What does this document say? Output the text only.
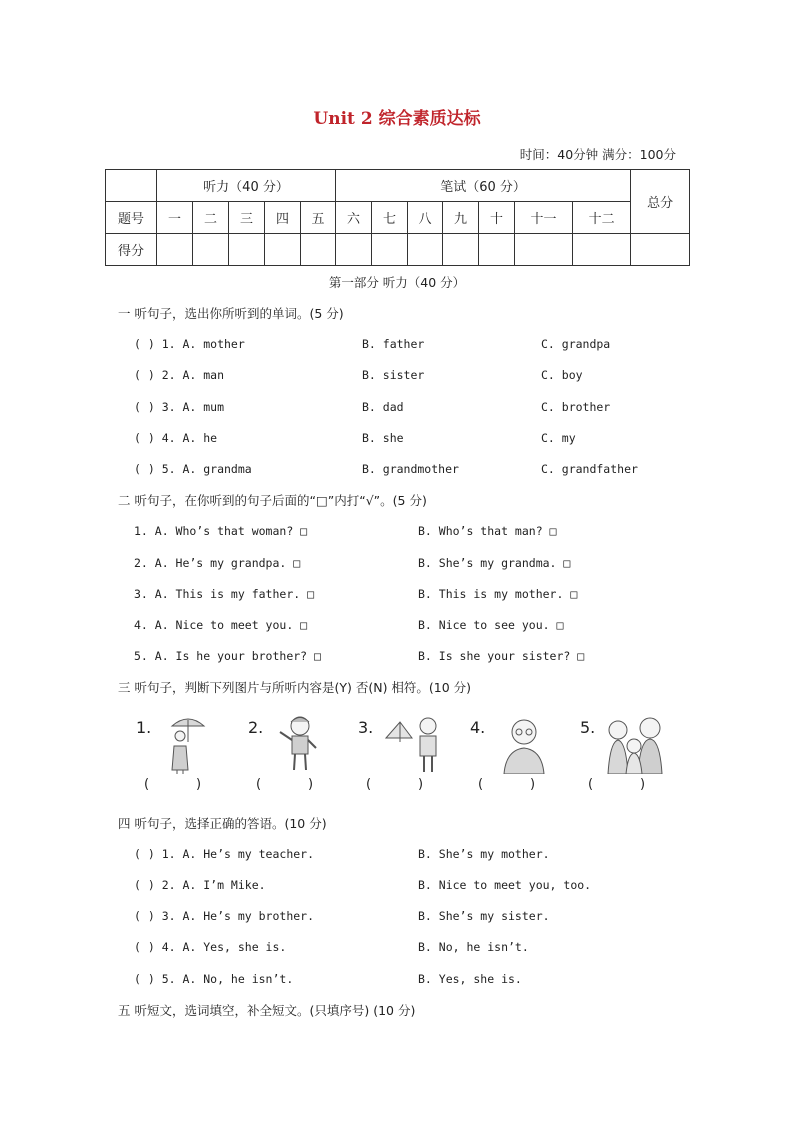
Unit 2 综合素质达标
时间：40分钟 满分：100分
	听力（40 分）					笔试（60 分）							总分
题号	一	二	三	四	五	六	七	八	九	十	十一	十二	
得分													
第一部分 听力（40 分）
一 听句子，选出你所听到的单词。(5 分)
( ) 1. A. mother	B. father	C. grandpa
( ) 2. A. man	B. sister	C. boy
( ) 3. A. mum	B. dad	C. brother
( ) 4. A. he	B. she	C. my
( ) 5. A. grandma	B. grandmother	C. grandfather
二 听句子，在你听到的句子后面的“□”内打“√”。(5 分)
1. A. Who’s that woman? □	B. Who’s that man? □
2. A. He’s my grandpa. □	B. She’s my grandma. □
3. A. This is my father. □	B. This is my mother. □
4. A. Nice to meet you. □	B. Nice to see you. □
5. A. Is he your brother? □	B. Is she your sister? □
三 听句子，判断下列图片与所听内容是(Y) 否(N) 相符。(10 分)
1.
(	)
2.
(	)
3.
(	)
4.
(	)
5.
(	)
四 听句子，选择正确的答语。(10 分)
( ) 1. A. He’s my teacher.	B. She’s my mother.
( ) 2. A. I’m Mike.	B. Nice to meet you, too.
( ) 3. A. He’s my brother.	B. She’s my sister.
( ) 4. A. Yes, she is.	B. No, he isn’t.
( ) 5. A. No, he isn’t.	B. Yes, she is.
五 听短文，选词填空，补全短文。(只填序号) (10 分)
